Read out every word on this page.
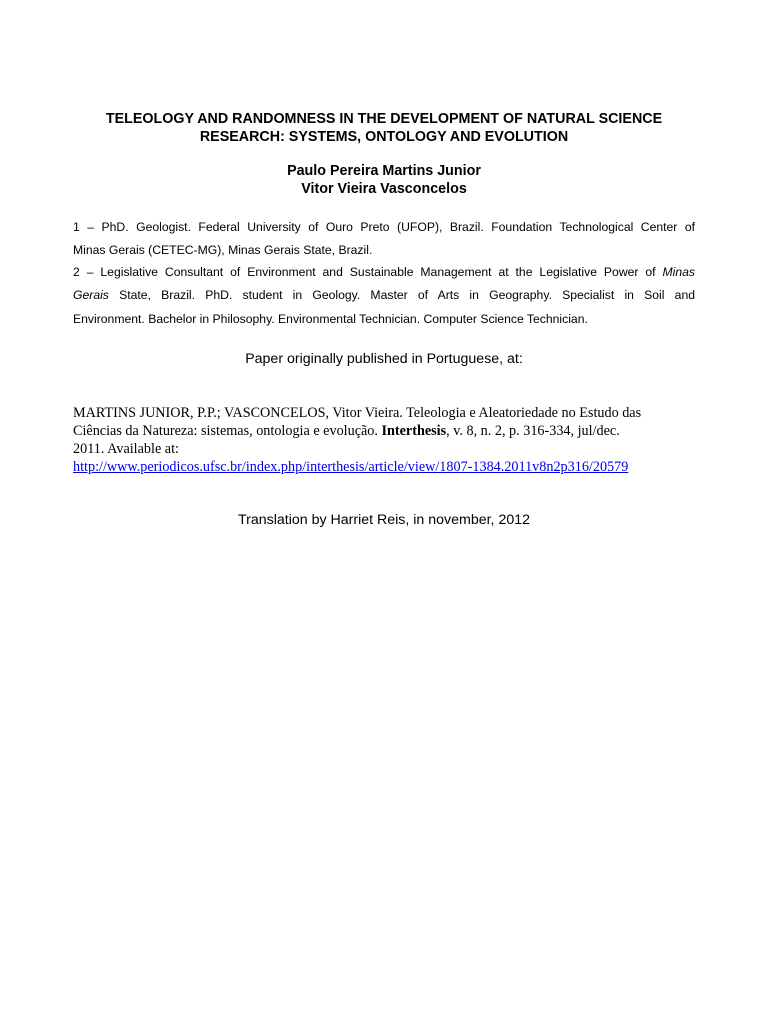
TELEOLOGY AND RANDOMNESS IN THE DEVELOPMENT OF NATURAL SCIENCE
RESEARCH: SYSTEMS, ONTOLOGY AND EVOLUTION
Paulo Pereira Martins Junior
Vitor Vieira Vasconcelos

1 – PhD. Geologist. Federal University of Ouro Preto (UFOP), Brazil. Foundation Technological Center of
Minas Gerais (CETEC-MG), Minas Gerais State, Brazil.

2 – Legislative Consultant of Environment and Sustainable Management at the Legislative Power of Minas
Gerais State, Brazil. PhD. student in Geology. Master of Arts in Geography. Specialist in Soil and
Environment. Bachelor in Philosophy. Environmental Technician. Computer Science Technician.

Paper originally published in Portuguese, at:
MARTINS JUNIOR, P.P.; VASCONCELOS, Vitor Vieira. Teleologia e Aleatoriedade no Estudo das
Ciências da Natureza: sistemas, ontologia e evolução. Interthesis, v. 8, n. 2, p. 316-334, jul/dec.
2011. Available at:
http://www.periodicos.ufsc.br/index.php/interthesis/article/view/1807-1384.2011v8n2p316/20579
Translation by Harriet Reis, in november, 2012
